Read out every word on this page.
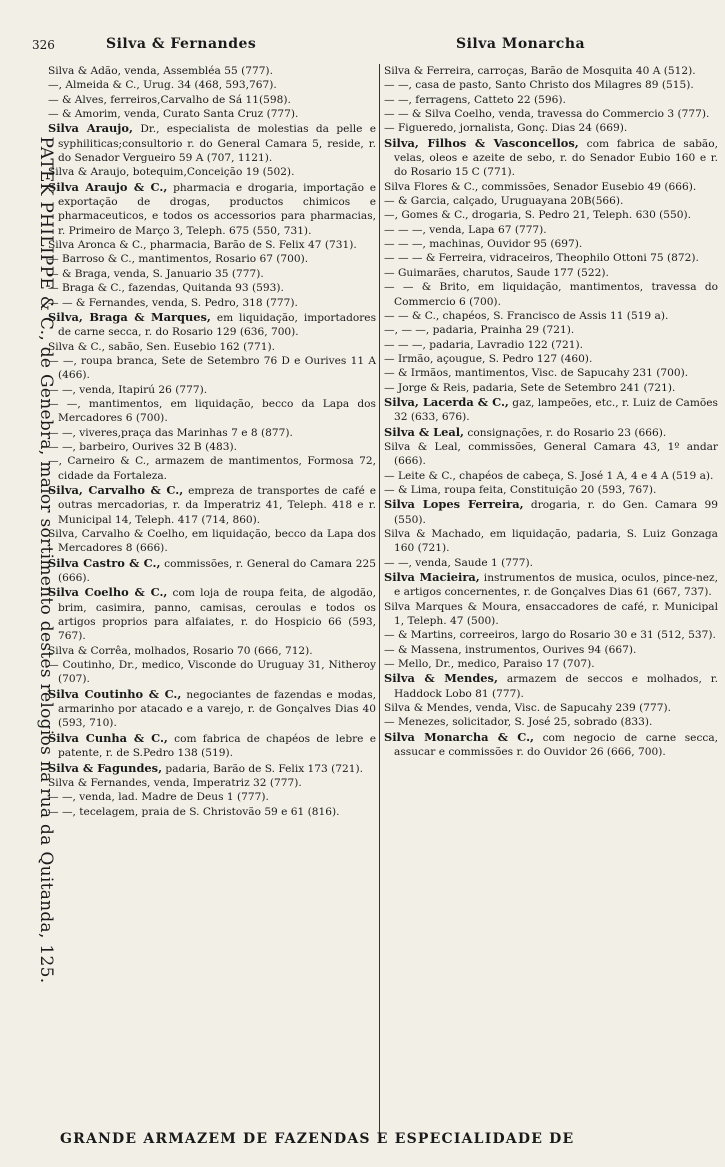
326	Silva & Fernandes	Silva Monarcha
PATEK PHILIPPE & C., de Genebra, maior sortimento destes relogios na rua da Quitanda, 125.
Silva & Adão, venda, Assembléa 55 (777).
—, Almeida & C., Urug. 34 (468, 593,767).
— & Alves, ferreiros,Carvalho de Sá 11(598).
— & Amorim, venda, Curato Santa Cruz (777).
Silva Araujo, Dr., especialista de molestias da pelle e syphiliticas;consultorio r. do General Camara 5, reside, r. do Senador Vergueiro 59 A (707, 1121).
Silva & Araujo, botequim,Conceição 19 (502).
Silva Araujo & C., pharmacia e drogaria, importação e exportação de drogas, productos chimicos e pharmaceuticos, e todos os accessorios para pharmacias, r. Primeiro de Março 3, Teleph. 675 (550, 731).
Silva Aronca & C., pharmacia, Barão de S. Felix 47 (731).
— Barroso & C., mantimentos, Rosario 67 (700).
— & Braga, venda, S. Januario 35 (777).
— Braga & C., fazendas, Quitanda 93 (593).
— — & Fernandes, venda, S. Pedro, 318 (777).
Silva, Braga & Marques, em liquidação, importadores de carne secca, r. do Rosario 129 (636, 700).
Silva & C., sabão, Sen. Eusebio 162 (771).
— —, roupa branca, Sete de Setembro 76 D e Ourives 11 A (466).
— —, venda, Itapirú 26 (777).
— —, mantimentos, em liquidação, becco da Lapa dos Mercadores 6 (700).
— —, viveres,praça das Marinhas 7 e 8 (877).
— —, barbeiro, Ourives 32 B (483).
—, Carneiro & C., armazem de mantimentos, Formosa 72, cidade da Fortaleza.
Silva, Carvalho & C., empreza de transportes de café e outras mercadorias, r. da Imperatriz 41, Teleph. 418 e r. Municipal 14, Teleph. 417 (714, 860).
Silva, Carvalho & Coelho, em liquidação, becco da Lapa dos Mercadores 8 (666).
Silva Castro & C., commissões, r. General do Camara 225 (666).
Silva Coelho & C., com loja de roupa feita, de algodão, brim, casimira, panno, camisas, ceroulas e todos os artigos proprios para alfaiates, r. do Hospicio 66 (593, 767).
Silva & Corrêa, molhados, Rosario 70 (666, 712).
— Coutinho, Dr., medico, Visconde do Uruguay 31, Nitheroy (707).
Silva Coutinho & C., negociantes de fazendas e modas, armarinho por atacado e a varejo, r. de Gonçalves Dias 40 (593, 710).
Silva Cunha & C., com fabrica de chapéos de lebre e patente, r. de S.Pedro 138 (519).
Silva & Fagundes, padaria, Barão de S. Felix 173 (721).
Silva & Fernandes, venda, Imperatriz 32 (777).
— —, venda, lad. Madre de Deus 1 (777).
— —, tecelagem, praia de S. Christovão 59 e 61 (816).
Silva & Ferreira, carroças, Barão de Mosquita 40 A (512).
— —, casa de pasto, Santo Christo dos Milagres 89 (515).
— —, ferragens, Catteto 22 (596).
— — & Silva Coelho, venda, travessa do Commercio 3 (777).
— Figueredo, jornalista, Gonç. Dias 24 (669).
Silva, Filhos & Vasconcellos, com fabrica de sabão, velas, oleos e azeite de sebo, r. do Senador Eubio 160 e r. do Rosario 15 C (771).
Silva Flores & C., commissões, Senador Eusebio 49 (666).
— & Garcia, calçado, Uruguayana 20B(566).
—, Gomes & C., drogaria, S. Pedro 21, Teleph. 630 (550).
— — —, venda, Lapa 67 (777).
— — —, machinas, Ouvidor 95 (697).
— — — & Ferreira, vidraceiros, Theophilo Ottoni 75 (872).
— Guimarães, charutos, Saude 177 (522).
— — & Brito, em liquidação, mantimentos, travessa do Commercio 6 (700).
— — & C., chapéos, S. Francisco de Assis 11 (519 a).
—, — —, padaria, Prainha 29 (721).
— — —, padaria, Lavradio 122 (721).
— Irmão, açougue, S. Pedro 127 (460).
— & Irmãos, mantimentos, Visc. de Sapucahy 231 (700).
— Jorge & Reis, padaria, Sete de Setembro 241 (721).
Silva, Lacerda & C., gaz, lampeões, etc., r. Luiz de Camões 32 (633, 676).
Silva & Leal, consignações, r. do Rosario 23 (666).
Silva & Leal, commissões, General Camara 43, 1º andar (666).
— Leite & C., chapéos de cabeça, S. José 1 A, 4 e 4 A (519 a).
— & Lima, roupa feita, Constituição 20 (593, 767).
Silva Lopes Ferreira, drogaria, r. do Gen. Camara 99 (550).
Silva & Machado, em liquidação, padaria, S. Luiz Gonzaga 160 (721).
— —, venda, Saude 1 (777).
Silva Macieira, instrumentos de musica, oculos, pince-nez, e artigos concernentes, r. de Gonçalves Dias 61 (667, 737).
Silva Marques & Moura, ensaccadores de café, r. Municipal 1, Teleph. 47 (500).
— & Martins, correeiros, largo do Rosario 30 e 31 (512, 537).
— & Massena, instrumentos, Ourives 94 (667).
— Mello, Dr., medico, Paraiso 17 (707).
Silva & Mendes, armazem de seccos e molhados, r. Haddock Lobo 81 (777).
Silva & Mendes, venda, Visc. de Sapucahy 239 (777).
— Menezes, solicitador, S. José 25, sobrado (833).
Silva Monarcha & C., com negocio de carne secca, assucar e commissões r. do Ouvidor 26 (666, 700).
GRANDE ARMAZEM DE FAZENDAS E ESPECIALIDADE DE
